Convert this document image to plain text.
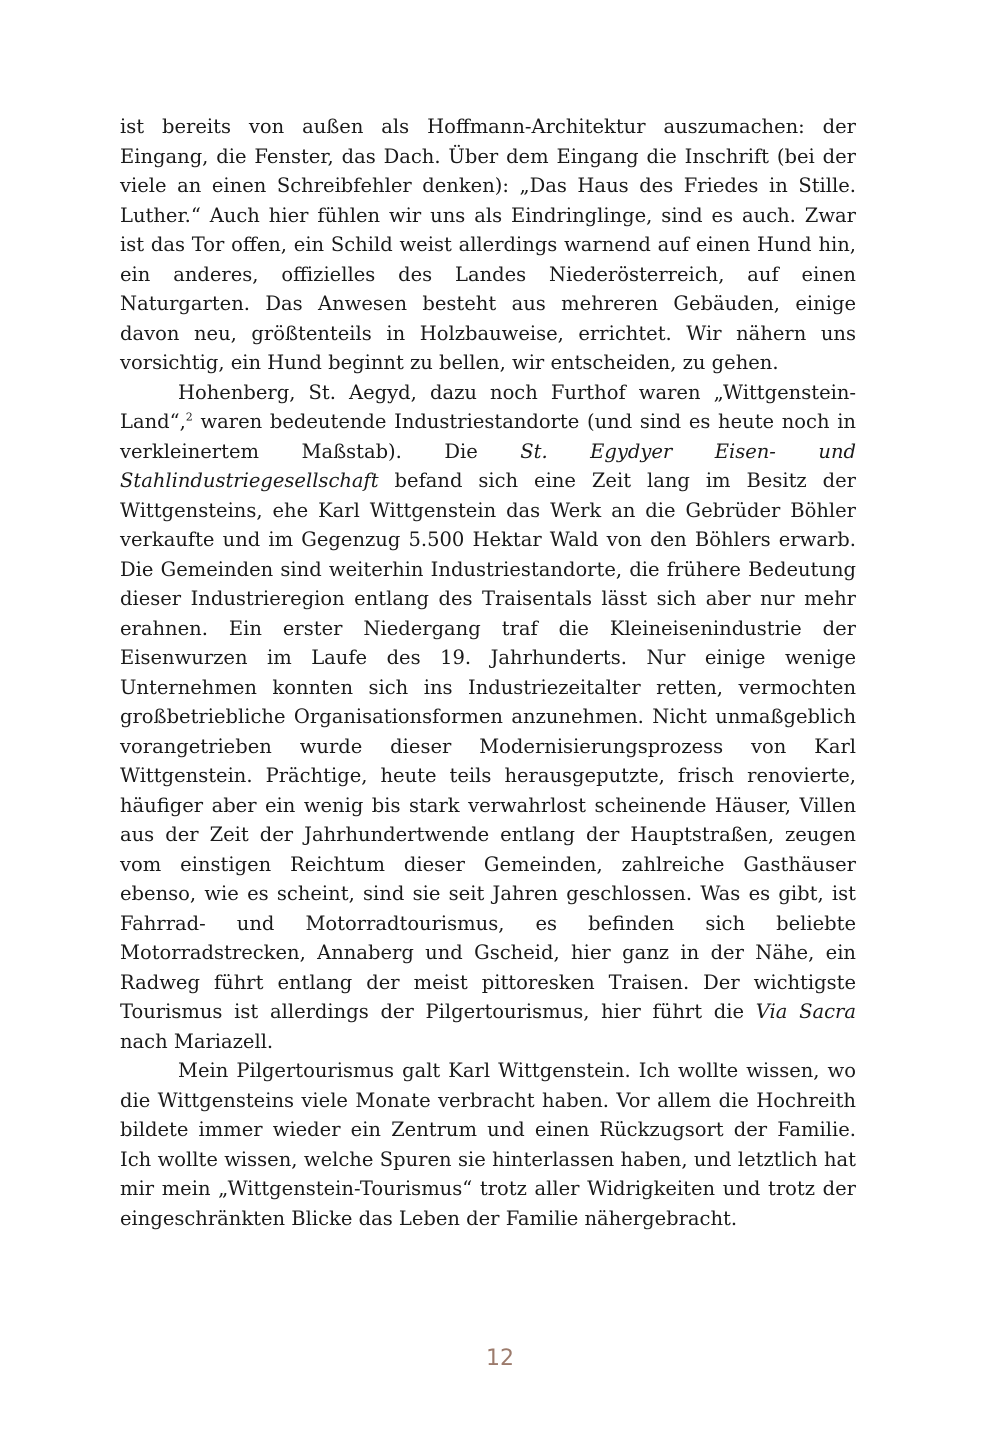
ist bereits von außen als Hoffmann-Architektur auszumachen: der Eingang, die Fenster, das Dach. Über dem Eingang die Inschrift (bei der viele an einen Schreibfehler denken): „Das Haus des Friedes in Stille. Luther.“ Auch hier fühlen wir uns als Eindringlinge, sind es auch. Zwar ist das Tor offen, ein Schild weist allerdings warnend auf einen Hund hin, ein anderes, offizielles des Landes Niederösterreich, auf einen Naturgarten. Das Anwesen besteht aus mehreren Gebäuden, einige davon neu, größtenteils in Holzbauweise, errichtet. Wir nähern uns vorsichtig, ein Hund beginnt zu bellen, wir entscheiden, zu gehen.

Hohenberg, St. Aegyd, dazu noch Furthof waren „Wittgenstein-Land“,$^2$ waren bedeutende Industriestandorte (und sind es heute noch in verkleinertem Maßstab). Die St. Egydyer Eisen- und Stahlindustriegesellschaft befand sich eine Zeit lang im Besitz der Wittgensteins, ehe Karl Wittgenstein das Werk an die Gebrüder Böhler verkaufte und im Gegenzug 5.500 Hektar Wald von den Böhlers erwarb. Die Gemeinden sind weiterhin Industriestandorte, die frühere Bedeutung dieser Industrieregion entlang des Traisentals lässt sich aber nur mehr erahnen. Ein erster Niedergang traf die Kleineisenindustrie der Eisenwurzen im Laufe des 19. Jahrhunderts. Nur einige wenige Unternehmen konnten sich ins Industriezeitalter retten, vermochten großbetriebliche Organisationsformen anzunehmen. Nicht unmaßgeblich vorangetrieben wurde dieser Modernisierungsprozess von Karl Wittgenstein. Prächtige, heute teils herausgeputzte, frisch renovierte, häufiger aber ein wenig bis stark verwahrlost scheinende Häuser, Villen aus der Zeit der Jahrhundertwende entlang der Hauptstraßen, zeugen vom einstigen Reichtum dieser Gemeinden, zahlreiche Gasthäuser ebenso, wie es scheint, sind sie seit Jahren geschlossen. Was es gibt, ist Fahrrad- und Motorradtourismus, es befinden sich beliebte Motorradstrecken, Annaberg und Gscheid, hier ganz in der Nähe, ein Radweg führt entlang der meist pittoresken Traisen. Der wichtigste Tourismus ist allerdings der Pilgertourismus, hier führt die Via Sacra nach Mariazell.

Mein Pilgertourismus galt Karl Wittgenstein. Ich wollte wissen, wo die Wittgensteins viele Monate verbracht haben. Vor allem die Hochreith bildete immer wieder ein Zentrum und einen Rückzugsort der Familie. Ich wollte wissen, welche Spuren sie hinterlassen haben, und letztlich hat mir mein „Wittgenstein-Tourismus“ trotz aller Widrigkeiten und trotz der eingeschränkten Blicke das Leben der Familie nähergebracht.

12
